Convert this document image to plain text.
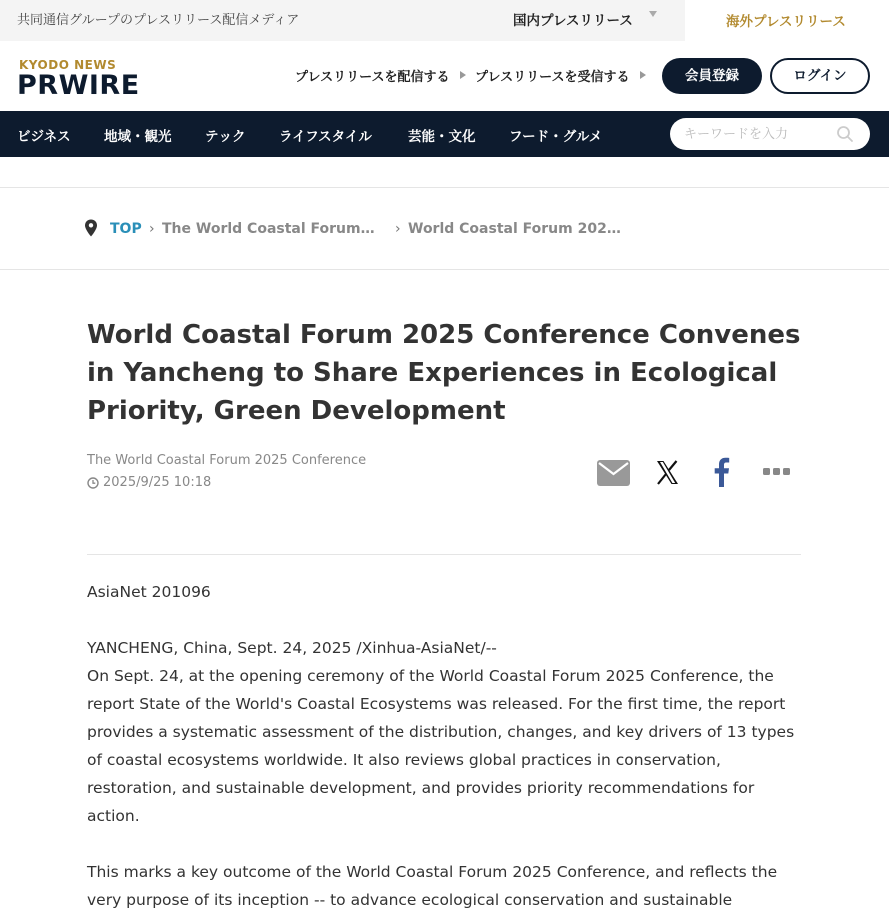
共同通信グループのプレスリリース配信メディア	国内プレスリリース	海外プレスリリース
KYODO NEWS
PRWIRE	プレスリリースを配信する プレスリリースを受信する	会員登録	ログイン
ビジネス 地域・観光 テック ライフスタイル	芸能・文化 フード・グルメ
キーワードを入力
TOP › The World Coastal Forum… › World Coastal Forum 202…
World Coastal Forum 2025 Conference Convenes in Yancheng to Share Experiences in Ecological Priority, Green Development
The World Coastal Forum 2025 Conference
2025/9/25 10:18

AsiaNet 201096

YANCHENG, China, Sept. 24, 2025 /Xinhua-AsiaNet/--

On Sept. 24, at the opening ceremony of the World Coastal Forum 2025 Conference, the report State of the World's Coastal Ecosystems was released. For the first time, the report provides a systematic assessment of the distribution, changes, and key drivers of 13 types of coastal ecosystems worldwide. It also reviews global practices in conservation, restoration, and sustainable development, and provides priority recommendations for action.

This marks a key outcome of the World Coastal Forum 2025 Conference, and reflects the very purpose of its inception -- to advance ecological conservation and sustainable
